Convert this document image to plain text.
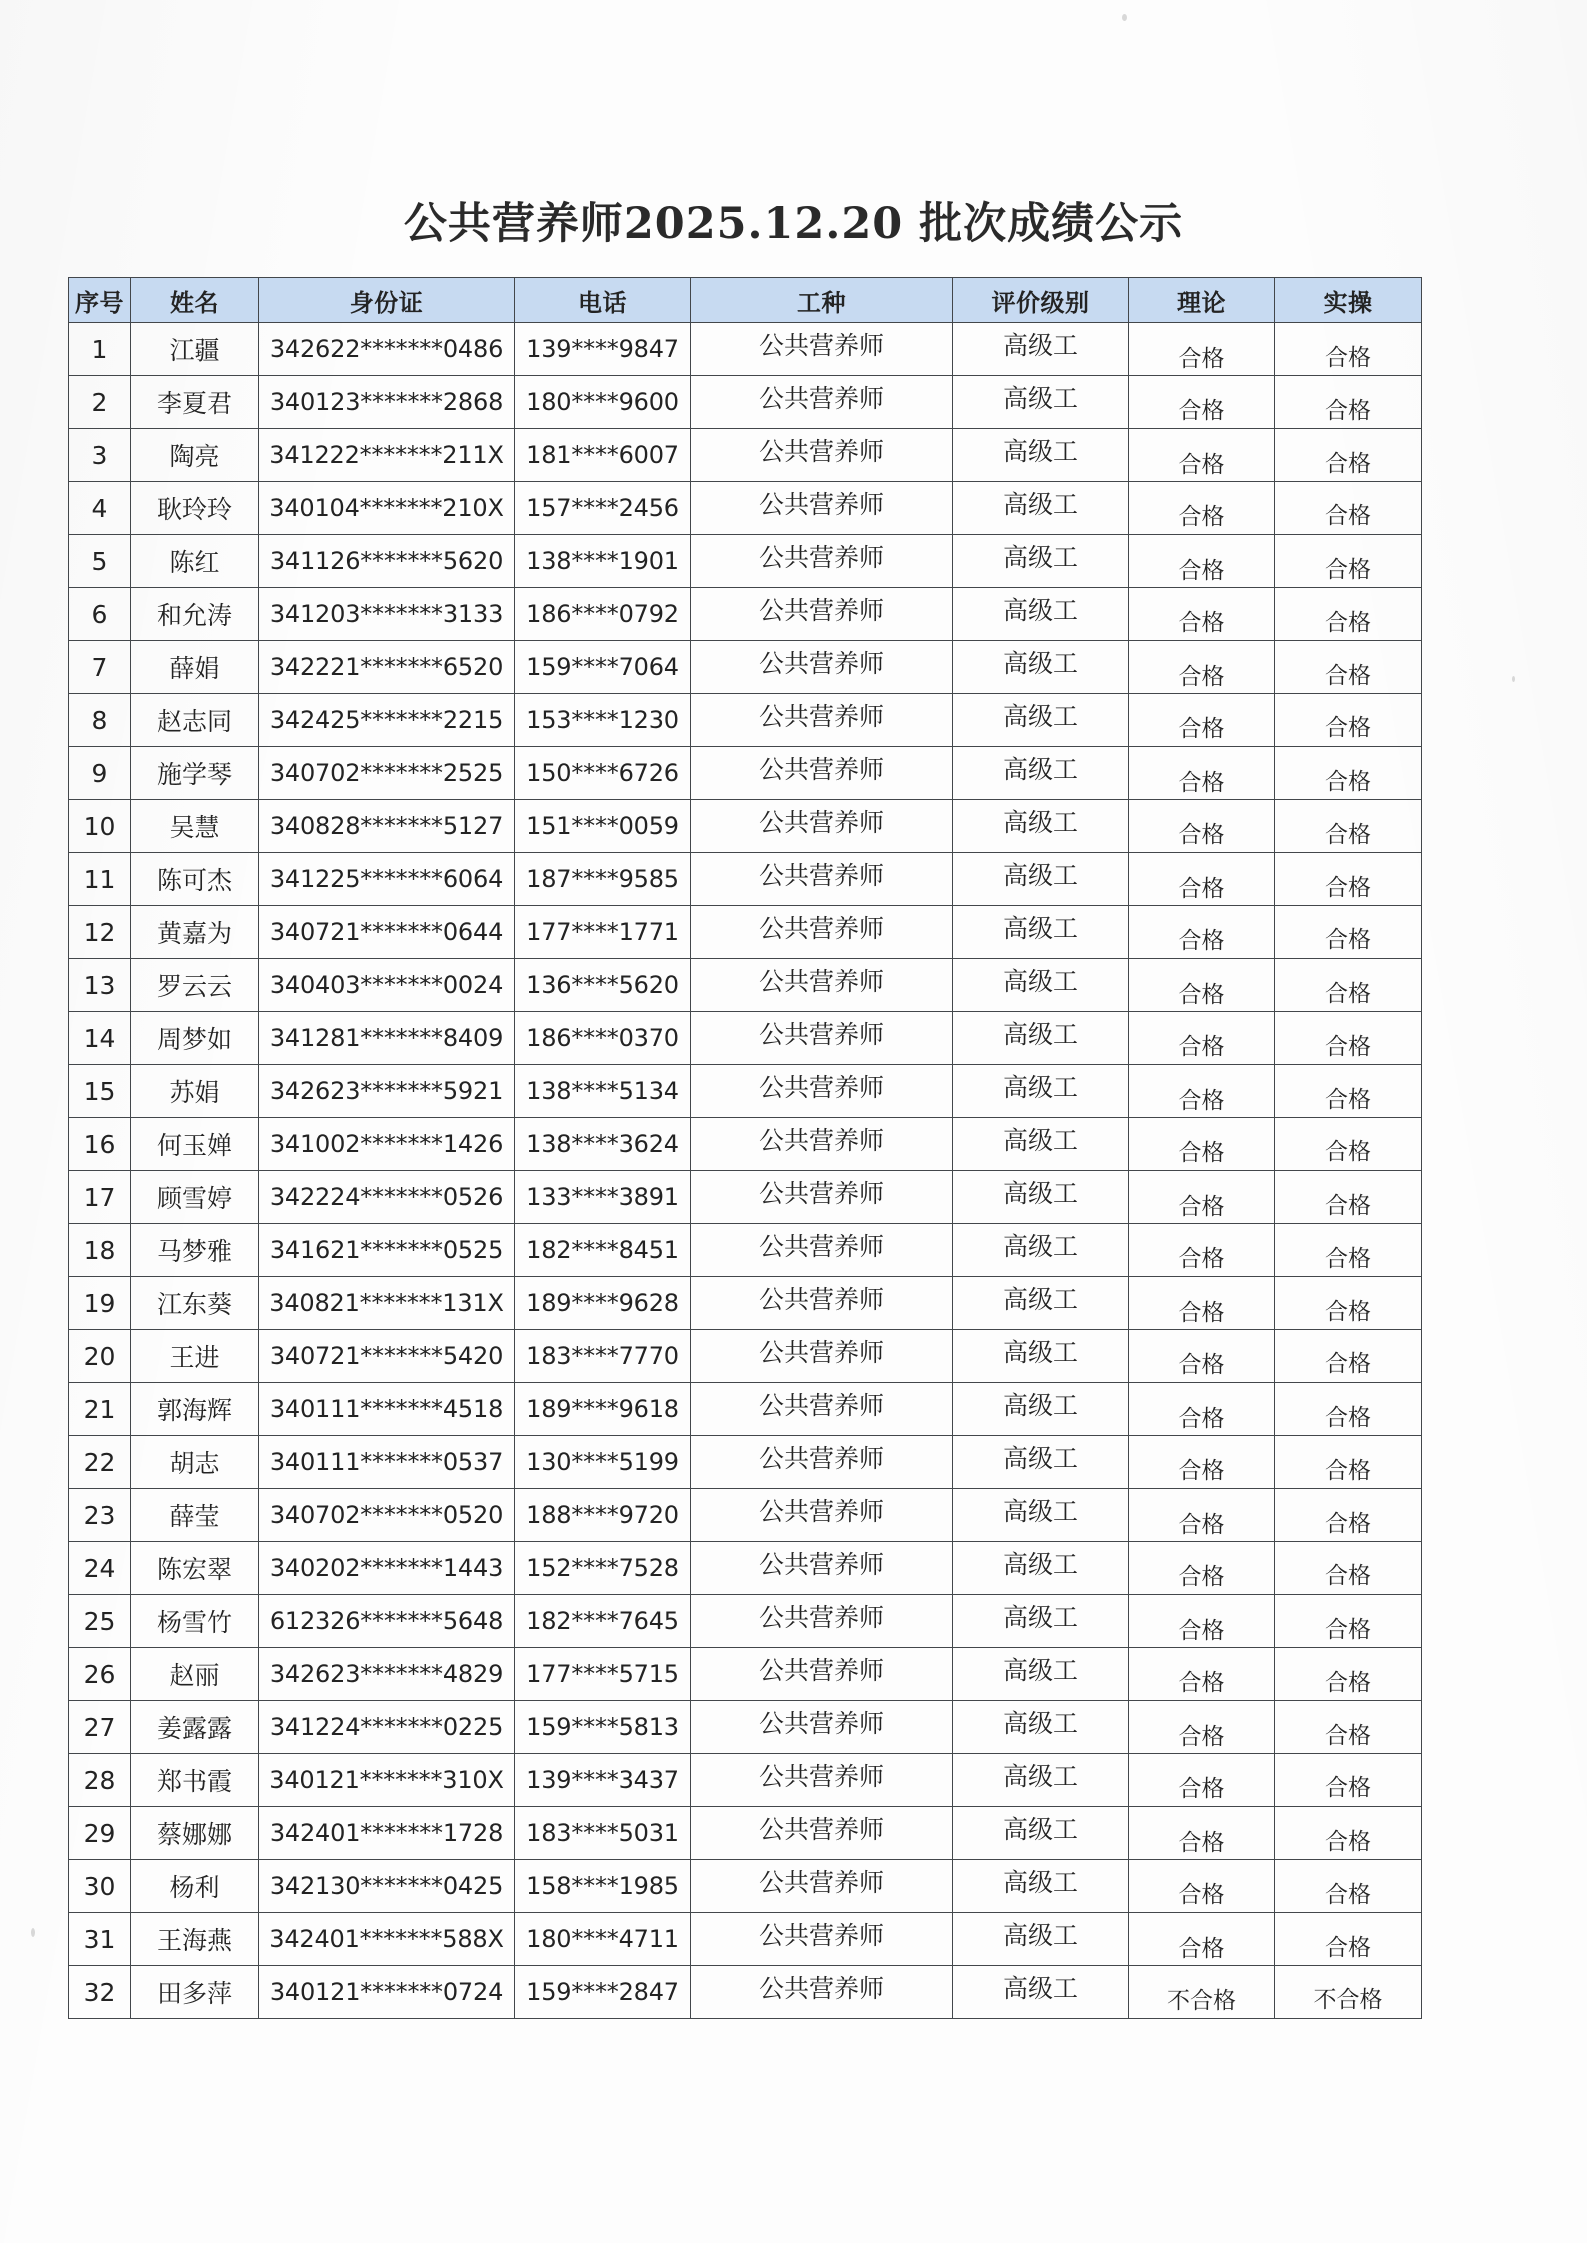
公共营养师2025.12.20 批次成绩公示
序号	姓名	身份证	电话	工种	评价级别	理论	实操
1	江疆	342622*******0486	139****9847	公共营养师	高级工	合格	合格
2	李夏君	340123*******2868	180****9600	公共营养师	高级工	合格	合格
3	陶亮	341222*******211X	181****6007	公共营养师	高级工	合格	合格
4	耿玲玲	340104*******210X	157****2456	公共营养师	高级工	合格	合格
5	陈红	341126*******5620	138****1901	公共营养师	高级工	合格	合格
6	和允涛	341203*******3133	186****0792	公共营养师	高级工	合格	合格
7	薛娟	342221*******6520	159****7064	公共营养师	高级工	合格	合格
8	赵志同	342425*******2215	153****1230	公共营养师	高级工	合格	合格
9	施学琴	340702*******2525	150****6726	公共营养师	高级工	合格	合格
10	吴慧	340828*******5127	151****0059	公共营养师	高级工	合格	合格
11	陈可杰	341225*******6064	187****9585	公共营养师	高级工	合格	合格
12	黄嘉为	340721*******0644	177****1771	公共营养师	高级工	合格	合格
13	罗云云	340403*******0024	136****5620	公共营养师	高级工	合格	合格
14	周梦如	341281*******8409	186****0370	公共营养师	高级工	合格	合格
15	苏娟	342623*******5921	138****5134	公共营养师	高级工	合格	合格
16	何玉婵	341002*******1426	138****3624	公共营养师	高级工	合格	合格
17	顾雪婷	342224*******0526	133****3891	公共营养师	高级工	合格	合格
18	马梦雅	341621*******0525	182****8451	公共营养师	高级工	合格	合格
19	江东葵	340821*******131X	189****9628	公共营养师	高级工	合格	合格
20	王进	340721*******5420	183****7770	公共营养师	高级工	合格	合格
21	郭海辉	340111*******4518	189****9618	公共营养师	高级工	合格	合格
22	胡志	340111*******0537	130****5199	公共营养师	高级工	合格	合格
23	薛莹	340702*******0520	188****9720	公共营养师	高级工	合格	合格
24	陈宏翠	340202*******1443	152****7528	公共营养师	高级工	合格	合格
25	杨雪竹	612326*******5648	182****7645	公共营养师	高级工	合格	合格
26	赵丽	342623*******4829	177****5715	公共营养师	高级工	合格	合格
27	姜露露	341224*******0225	159****5813	公共营养师	高级工	合格	合格
28	郑书霞	340121*******310X	139****3437	公共营养师	高级工	合格	合格
29	蔡娜娜	342401*******1728	183****5031	公共营养师	高级工	合格	合格
30	杨利	342130*******0425	158****1985	公共营养师	高级工	合格	合格
31	王海燕	342401*******588X	180****4711	公共营养师	高级工	合格	合格
32	田多萍	340121*******0724	159****2847	公共营养师	高级工	不合格	不合格
